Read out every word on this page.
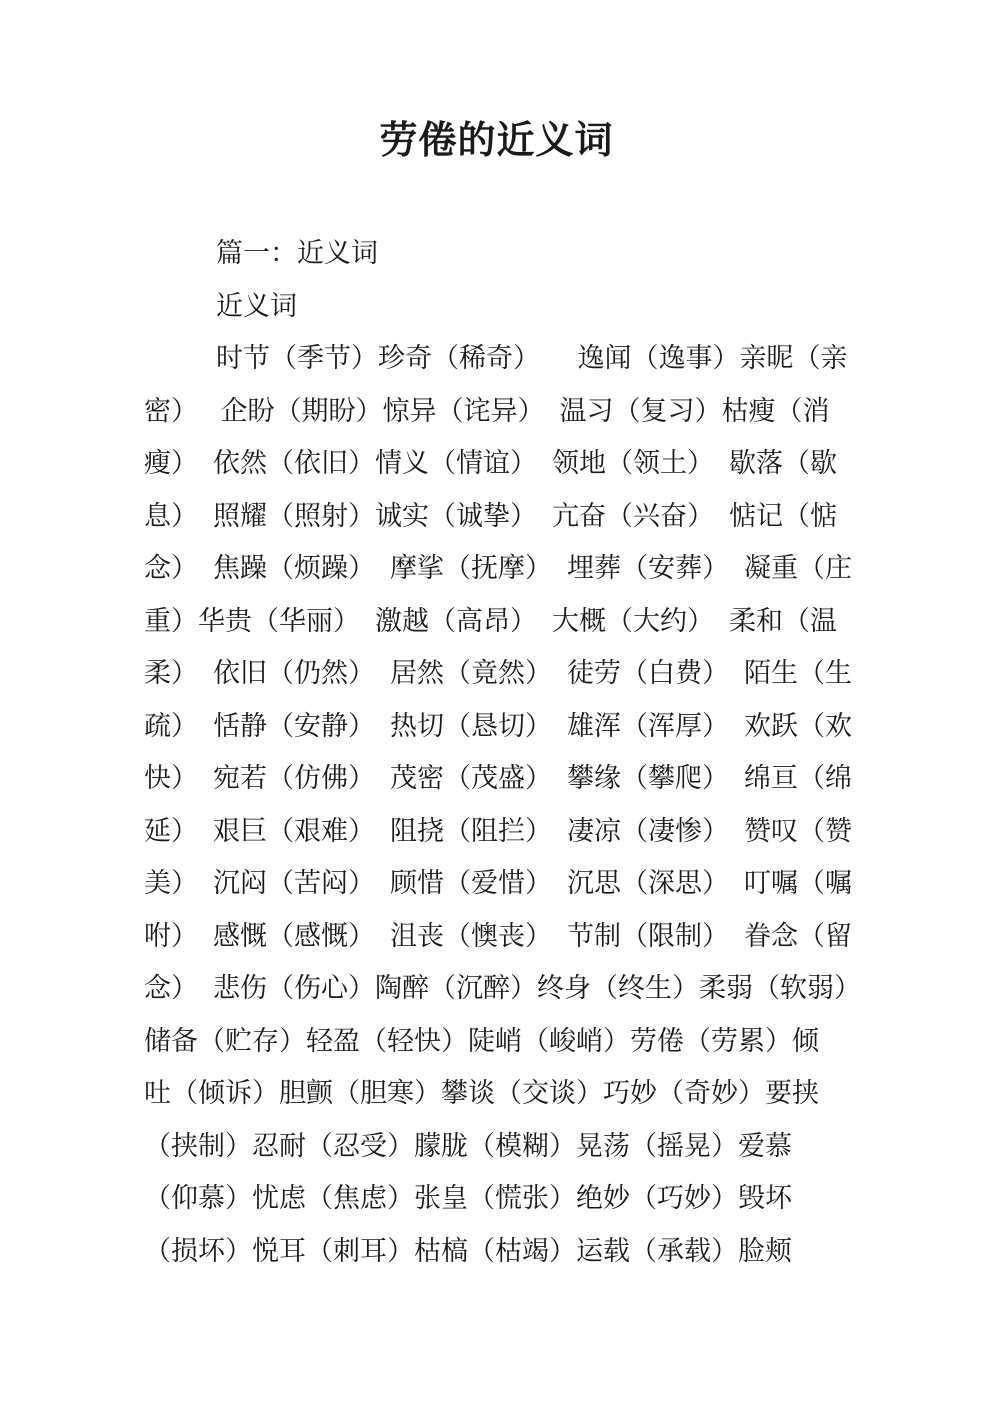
劳倦的近义词
篇一：近义词
近义词
时节（季节）珍奇（稀奇）     逸闻（逸事）亲昵（亲
密）   企盼（期盼）惊异（诧异）  温习（复习）枯瘦（消
瘦）  依然（依旧）情义（情谊）  领地（领土）  歇落（歇
息）  照耀（照射）诚实（诚挚）  亢奋（兴奋）  惦记（惦
念）  焦躁（烦躁）  摩挲（抚摩）  埋葬（安葬）  凝重（庄
重）华贵（华丽）  激越（高昂）  大概（大约）  柔和（温
柔）  依旧（仍然）  居然（竟然）  徒劳（白费）  陌生（生
疏）  恬静（安静）  热切（恳切）  雄浑（浑厚）  欢跃（欢
快）  宛若（仿佛）  茂密（茂盛）  攀缘（攀爬）  绵亘（绵
延）  艰巨（艰难）  阻挠（阻拦）  凄凉（凄惨）  赞叹（赞
美）  沉闷（苦闷）  顾惜（爱惜）  沉思（深思）  叮嘱（嘱
咐）  感慨（感慨）  沮丧（懊丧）  节制（限制）  眷念（留
念）  悲伤（伤心）陶醉（沉醉）终身（终生）柔弱（软弱）
储备（贮存）轻盈（轻快）陡峭（峻峭）劳倦（劳累）倾
吐（倾诉）胆颤（胆寒）攀谈（交谈）巧妙（奇妙）要挟
（挟制）忍耐（忍受）朦胧（模糊）晃荡（摇晃）爱慕
（仰慕）忧虑（焦虑）张皇（慌张）绝妙（巧妙）毁坏
（损坏）悦耳（刺耳）枯槁（枯竭）运载（承载）脸颊
